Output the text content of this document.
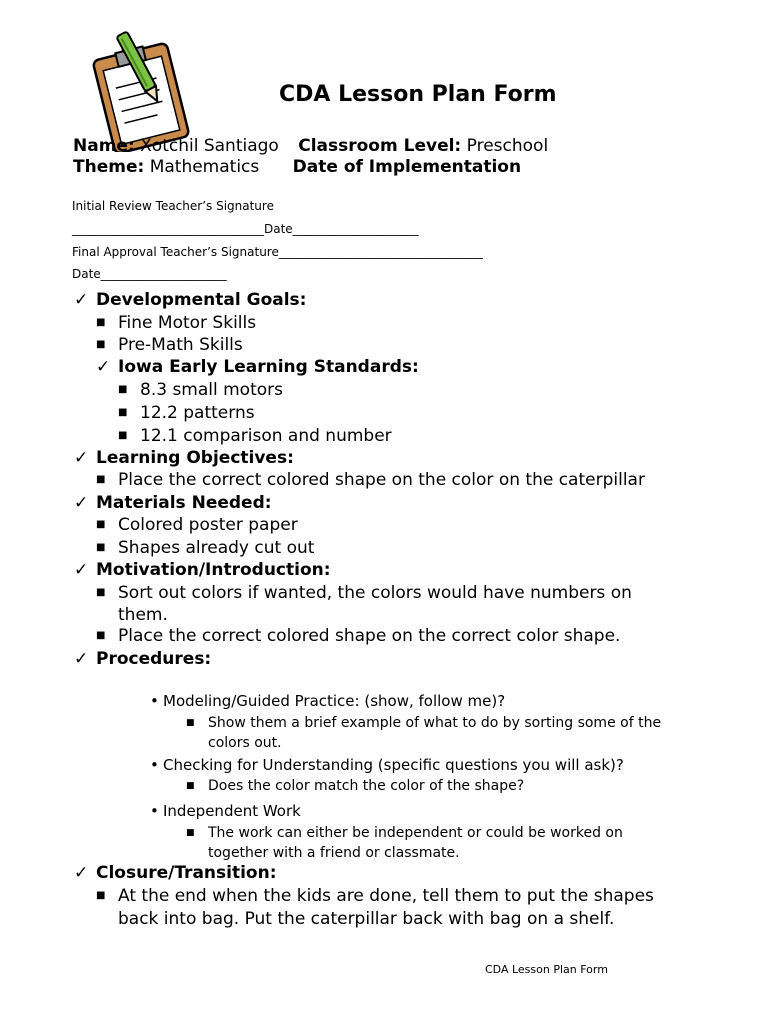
CDA Lesson Plan Form
Name: Xotchil Santiago Classroom Level: Preschool
Theme: Mathematics Date of Implementation
Initial Review Teacher’s Signature
________________________________Date_____________________
Final Approval Teacher’s Signature__________________________________
Date_____________________
✓ Developmental Goals:
■ Fine Motor Skills
■ Pre-Math Skills
✓ Iowa Early Learning Standards:
■ 8.3 small motors
■ 12.2 patterns
■ 12.1 comparison and number
✓ Learning Objectives:
■ Place the correct colored shape on the color on the caterpillar
✓ Materials Needed:
■ Colored poster paper
■ Shapes already cut out
✓ Motivation/Introduction:
■ Sort out colors if wanted, the colors would have numbers on
them.
■ Place the correct colored shape on the correct color shape.
✓ Procedures:
• Modeling/Guided Practice: (show, follow me)?
■ Show them a brief example of what to do by sorting some of the
colors out.
• Checking for Understanding (specific questions you will ask)?
■ Does the color match the color of the shape?
• Independent Work
■ The work can either be independent or could be worked on
together with a friend or classmate.
✓ Closure/Transition:
■ At the end when the kids are done, tell them to put the shapes
back into bag. Put the caterpillar back with bag on a shelf.
CDA Lesson Plan Form
